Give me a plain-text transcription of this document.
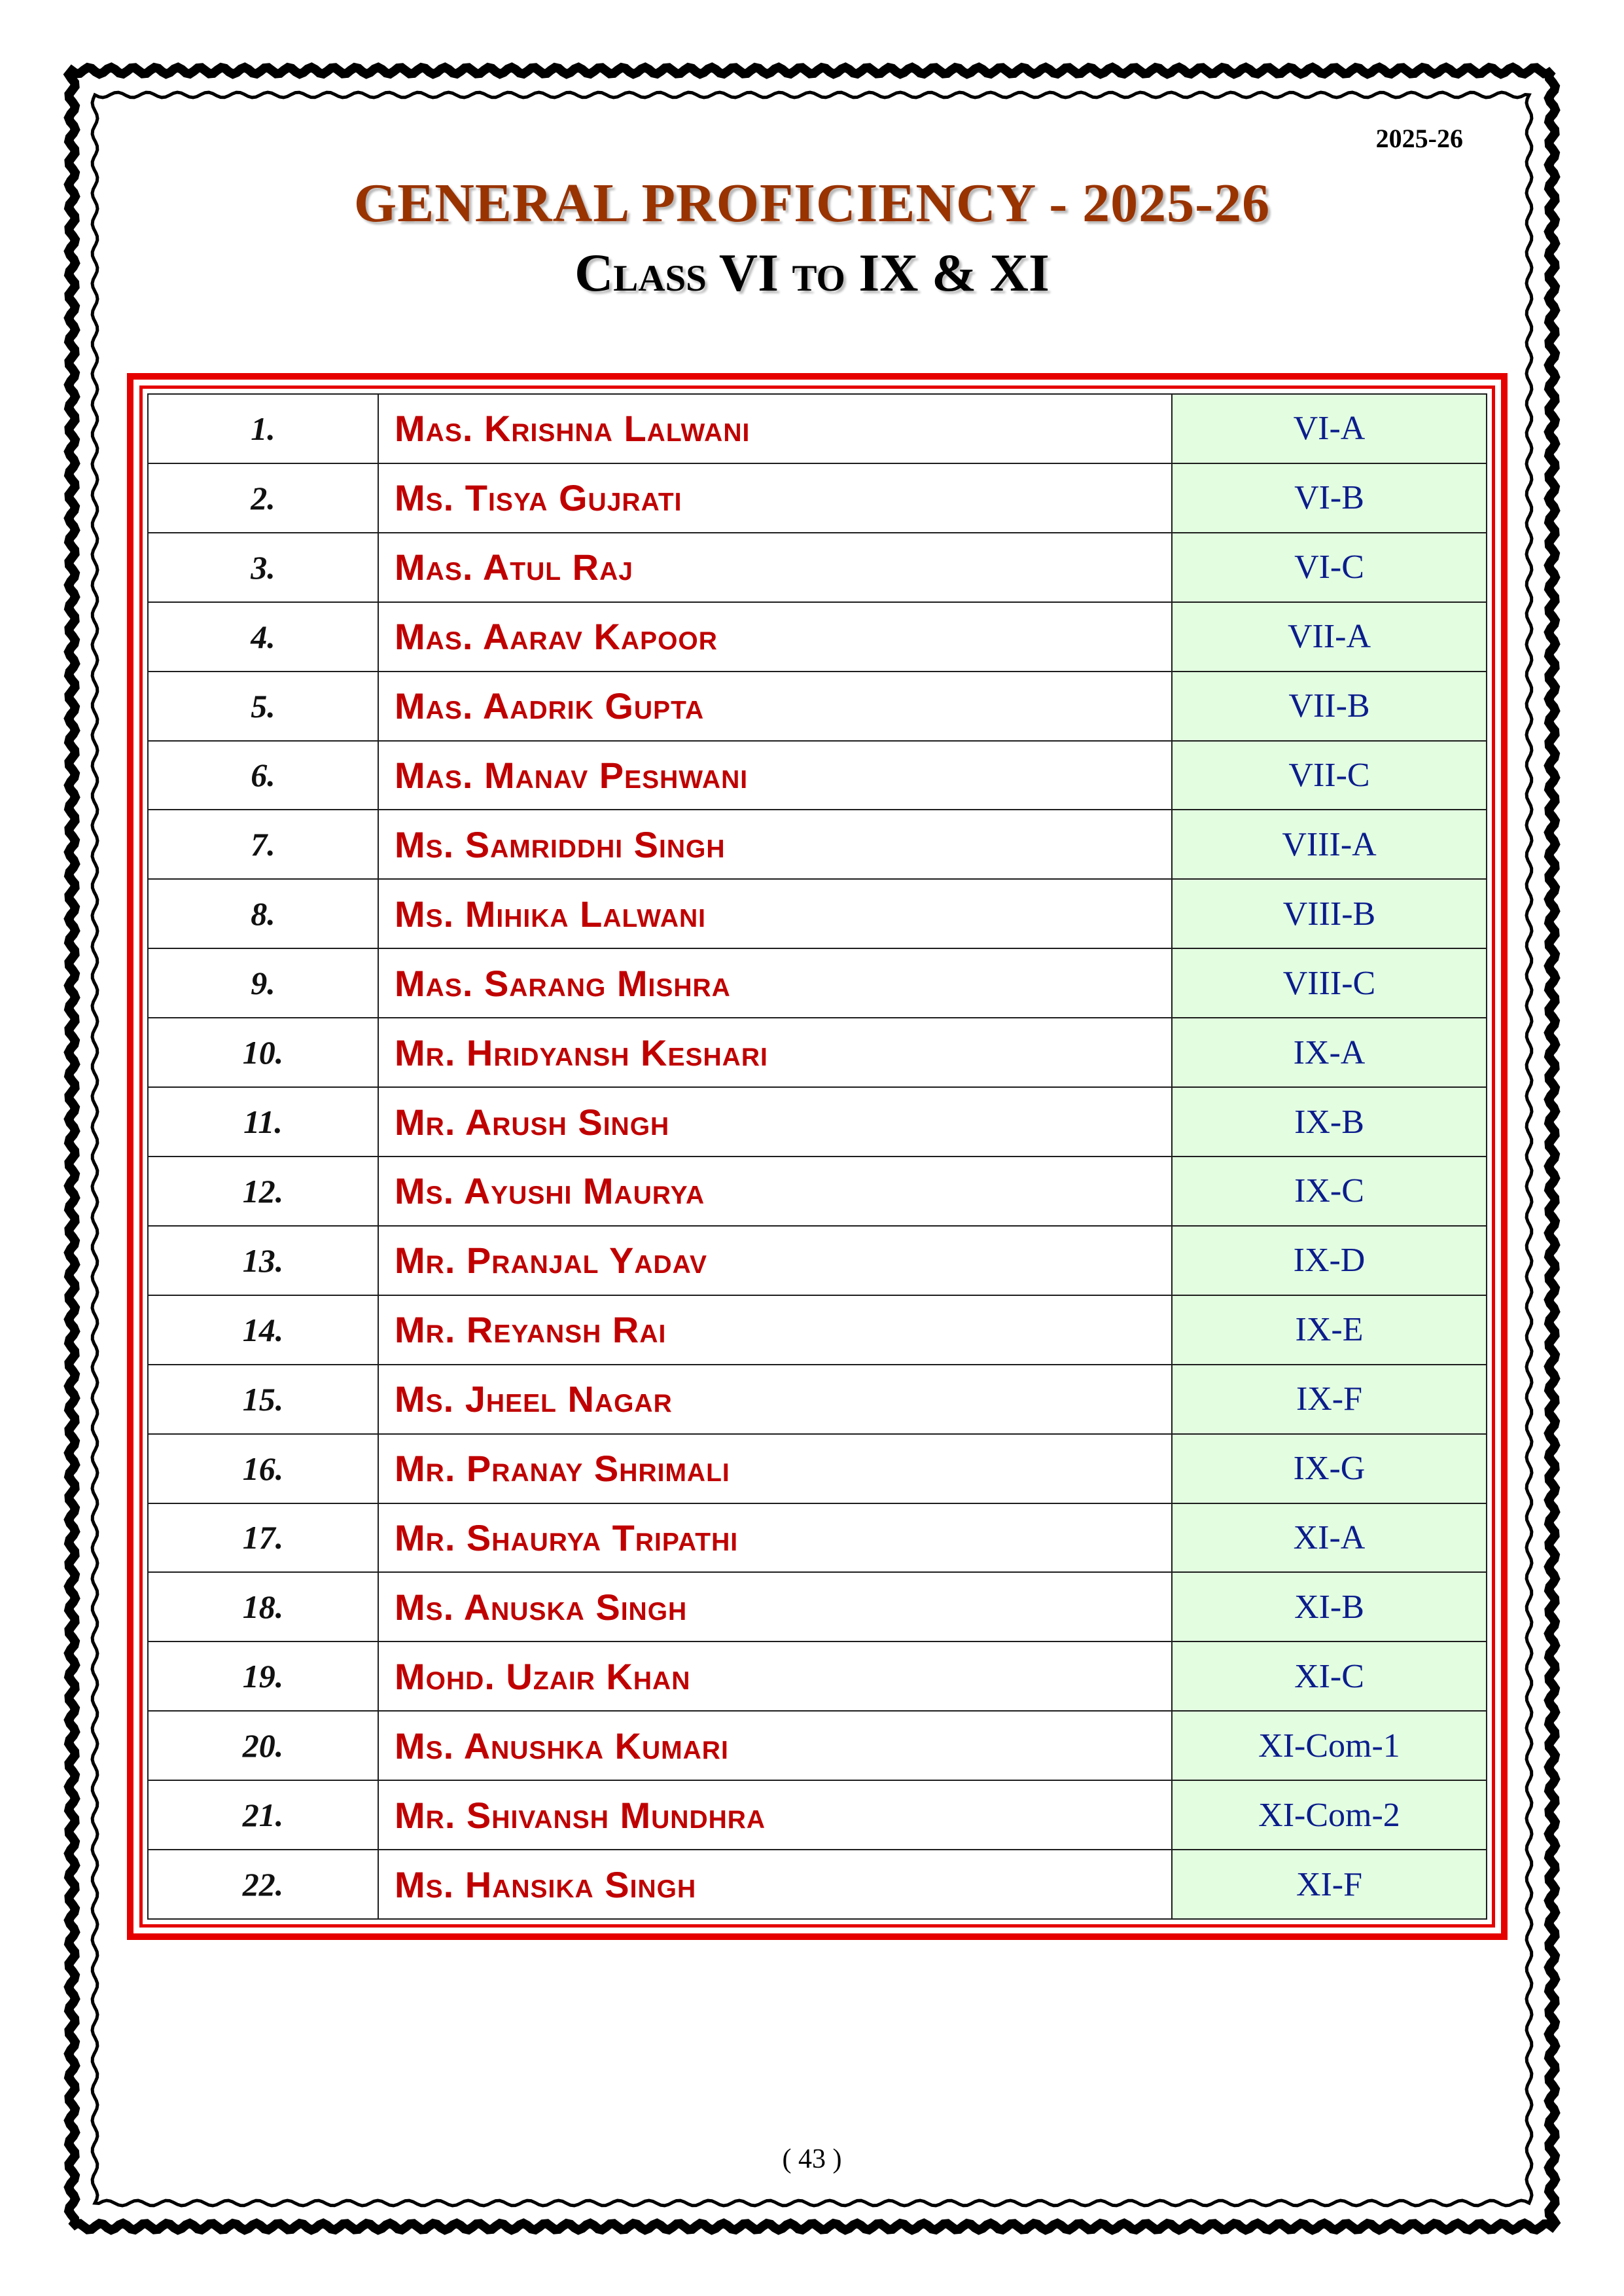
2025-26
GENERAL PROFICIENCY - 2025-26
Class VI to IX & XI
1.	Mas. Krishna Lalwani	VI-A
2.	Ms. Tisya Gujrati	VI-B
3.	Mas. Atul Raj	VI-C
4.	Mas. Aarav Kapoor	VII-A
5.	Mas. Aadrik Gupta	VII-B
6.	Mas. Manav Peshwani	VII-C
7.	Ms. Samriddhi Singh	VIII-A
8.	Ms. Mihika Lalwani	VIII-B
9.	Mas. Sarang Mishra	VIII-C
10.	Mr. Hridyansh Keshari	IX-A
11.	Mr. Arush Singh	IX-B
12.	Ms. Ayushi Maurya	IX-C
13.	Mr. Pranjal Yadav	IX-D
14.	Mr. Reyansh Rai	IX-E
15.	Ms. Jheel Nagar	IX-F
16.	Mr. Pranay Shrimali	IX-G
17.	Mr. Shaurya Tripathi	XI-A
18.	Ms. Anuska Singh	XI-B
19.	Mohd. Uzair Khan	XI-C
20.	Ms. Anushka Kumari	XI-Com-1
21.	Mr. Shivansh Mundhra	XI-Com-2
22.	Ms. Hansika Singh	XI-F
( 43 )
